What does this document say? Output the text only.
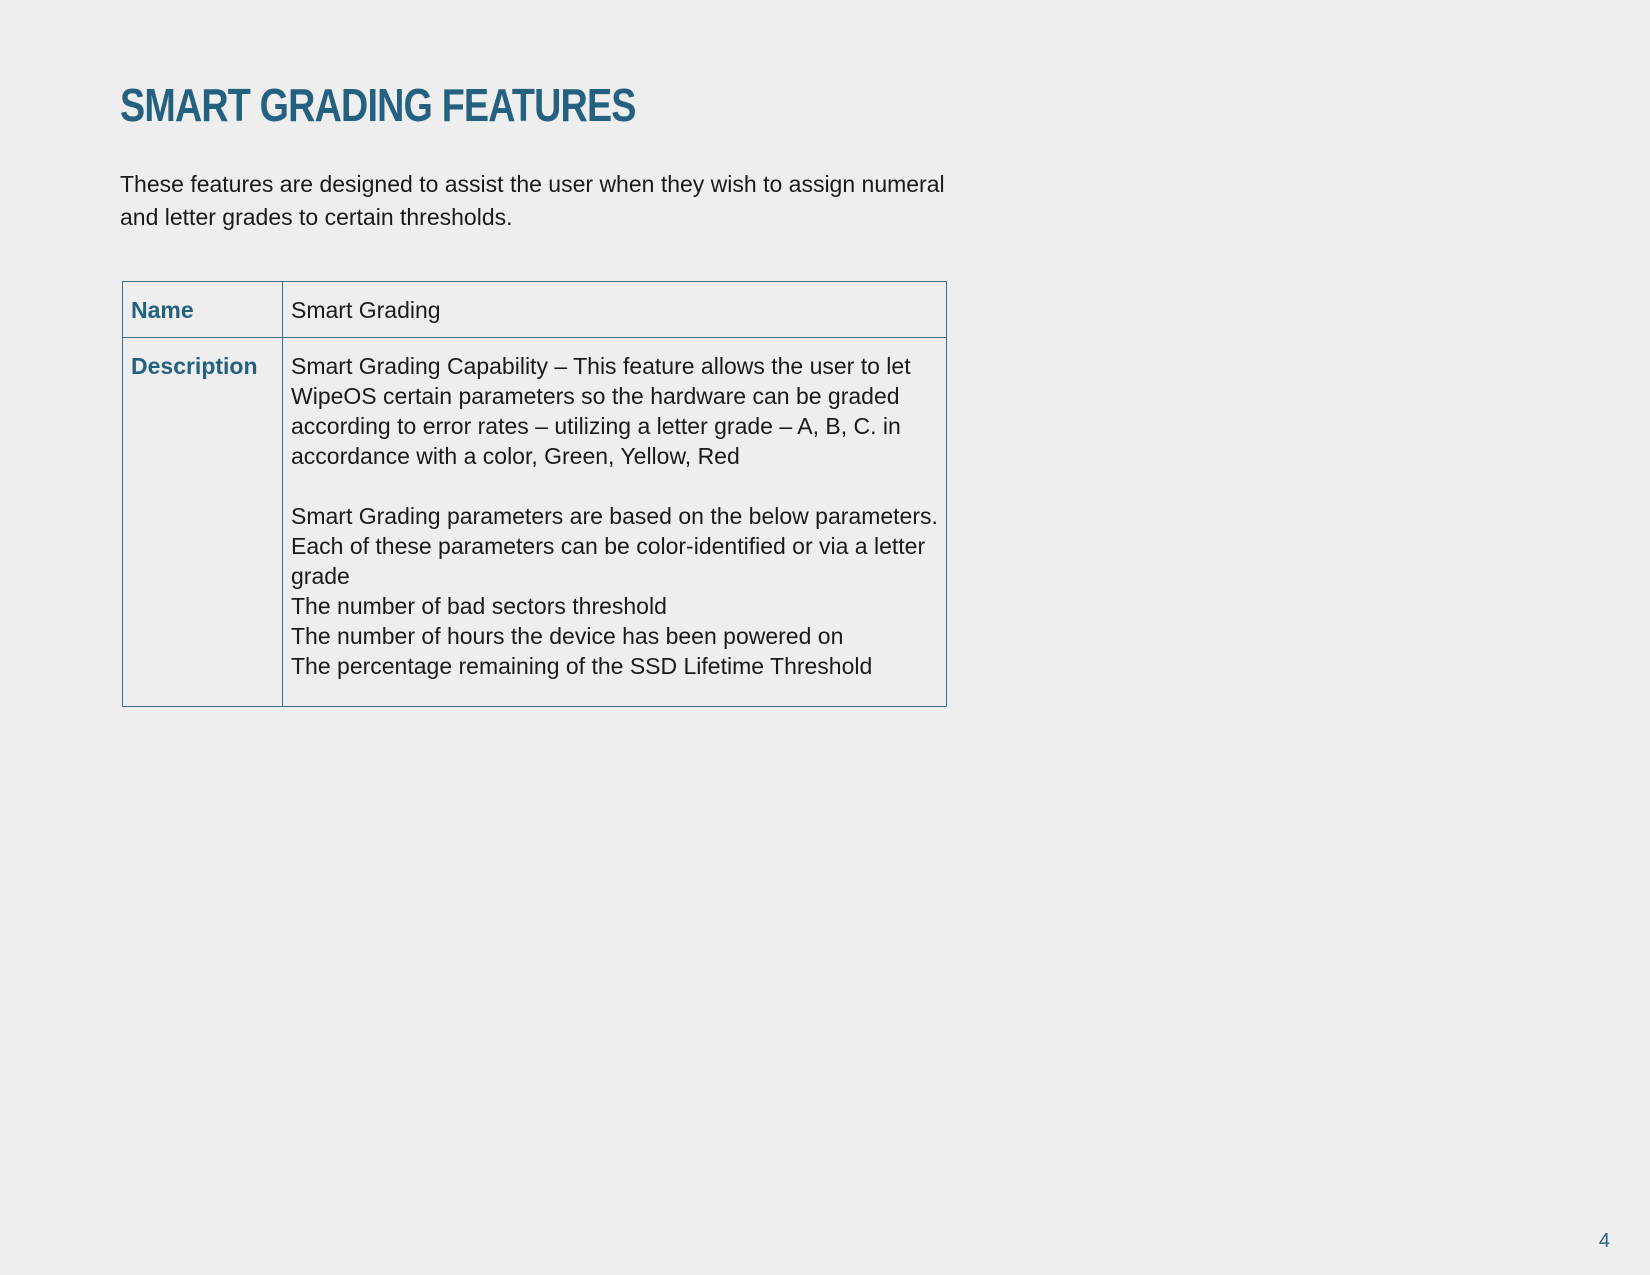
SMART GRADING FEATURES

These features are designed to assist the user when they wish to assign numeral and letter grades to certain thresholds.

Name	Smart Grading
Description	Smart Grading Capability – This feature allows the user to let WipeOS certain parameters so the hardware can be graded according to error rates – utilizing a letter grade – A, B, C. in accordance with a color, Green, Yellow, Red

Smart Grading parameters are based on the below parameters. Each of these parameters can be color-identified or via a letter grade

The number of bad sectors threshold

The number of hours the device has been powered on

The percentage remaining of the SSD Lifetime Threshold

4
